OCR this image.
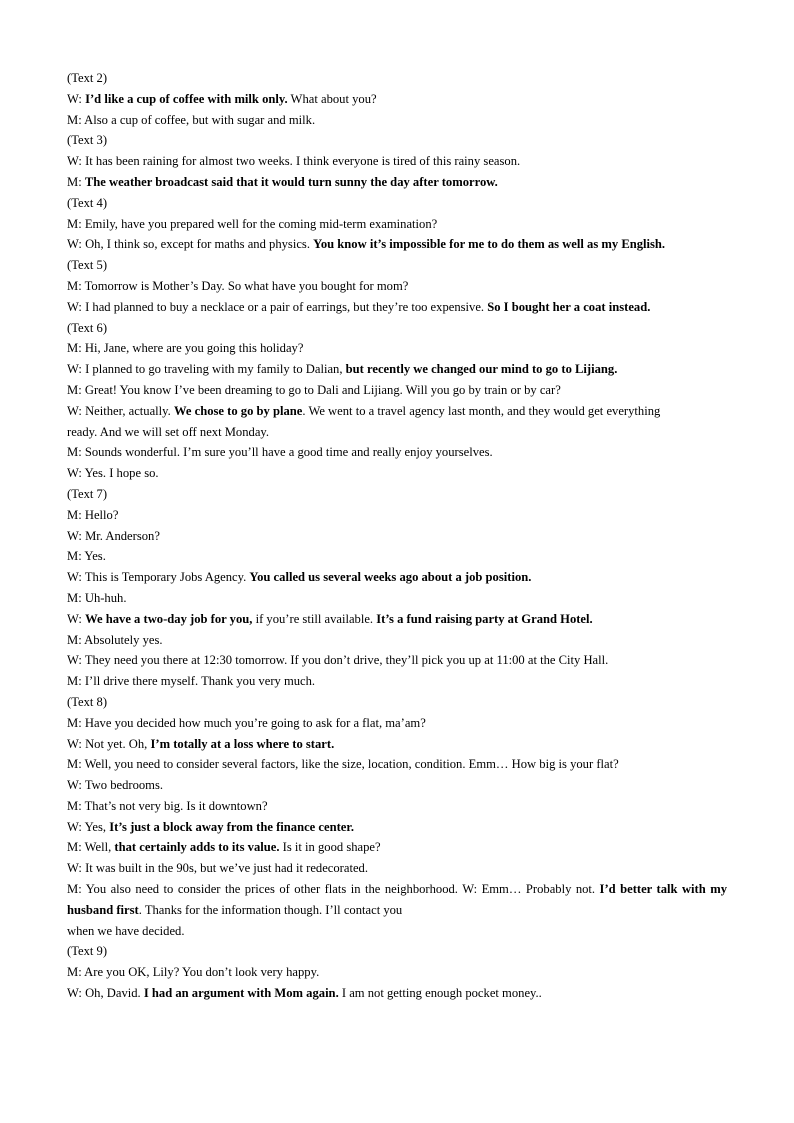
(Text 2)
W: I’d like a cup of coffee with milk only. What about you?
M: Also a cup of coffee, but with sugar and milk.
(Text 3)
W: It has been raining for almost two weeks. I think everyone is tired of this rainy season.
M: The weather broadcast said that it would turn sunny the day after tomorrow.
(Text 4)
M: Emily, have you prepared well for the coming mid-term examination?
W: Oh, I think so, except for maths and physics. You know it’s impossible for me to do them as well as my English.
(Text 5)
M: Tomorrow is Mother’s Day. So what have you bought for mom?
W: I had planned to buy a necklace or a pair of earrings, but they’re too expensive. So I bought her a coat instead.
(Text 6)
M: Hi, Jane, where are you going this holiday?
W: I planned to go traveling with my family to Dalian, but recently we changed our mind to go to Lijiang.
M: Great! You know I’ve been dreaming to go to Dali and Lijiang. Will you go by train or by car?
W: Neither, actually. We chose to go by plane. We went to a travel agency last month, and they would get everything
ready. And we will set off next Monday.
M: Sounds wonderful. I’m sure you’ll have a good time and really enjoy yourselves.
W: Yes. I hope so.
(Text 7)
M: Hello?
W: Mr. Anderson?
M: Yes.
W: This is Temporary Jobs Agency. You called us several weeks ago about a job position.
M: Uh-huh.
W: We have a two-day job for you, if you’re still available. It’s a fund raising party at Grand Hotel.
M: Absolutely yes.
W: They need you there at 12:30 tomorrow. If you don’t drive, they’ll pick you up at 11:00 at the City Hall.
M: I’ll drive there myself. Thank you very much.
(Text 8)
M: Have you decided how much you’re going to ask for a flat, ma’am?
W: Not yet. Oh, I’m totally at a loss where to start.
M: Well, you need to consider several factors, like the size, location, condition. Emm… How big is your flat?
W: Two bedrooms.
M: That’s not very big. Is it downtown?
W: Yes, It’s just a block away from the finance center.
M: Well, that certainly adds to its value. Is it in good shape?
W: It was built in the 90s, but we’ve just had it redecorated.
M: You also need to consider the prices of other flats in the neighborhood. W: Emm… Probably not. I’d better talk with my husband first. Thanks for the information though. I’ll contact you
when we have decided.
(Text 9)
M: Are you OK, Lily? You don’t look very happy.
W: Oh, David. I had an argument with Mom again. I am not getting enough pocket money..
